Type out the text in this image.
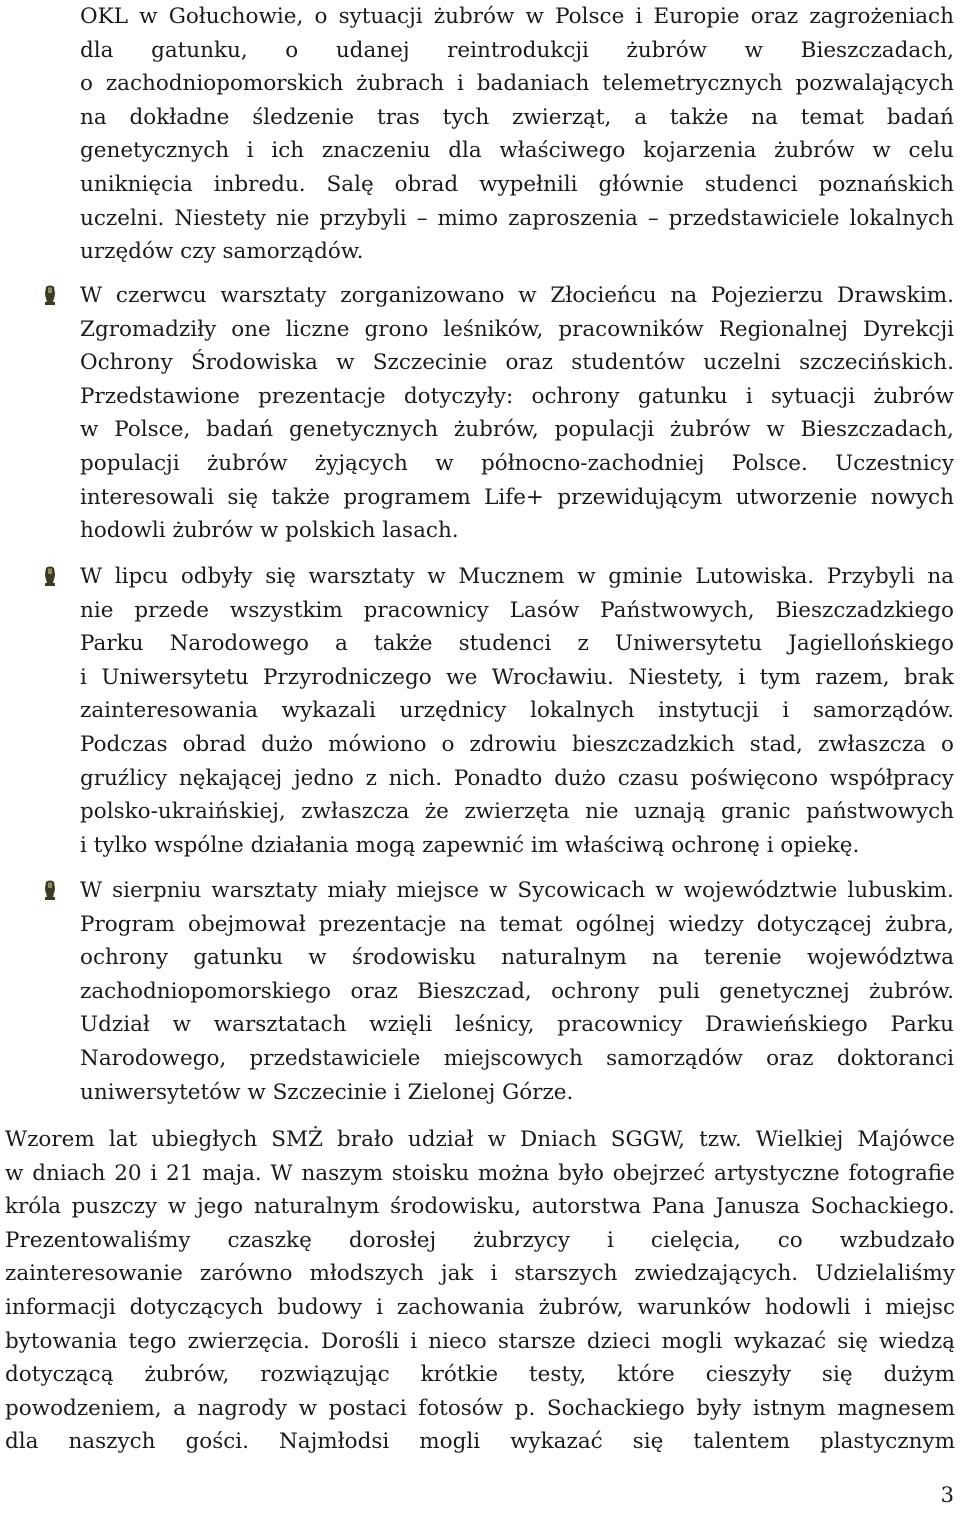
OKL w Gołuchowie, o sytuacji żubrów w Polsce i Europie oraz zagrożeniach
dla gatunku, o udanej reintrodukcji żubrów w Bieszczadach,
o zachodniopomorskich żubrach i badaniach telemetrycznych pozwalających
na dokładne śledzenie tras tych zwierząt, a także na temat badań
genetycznych i ich znaczeniu dla właściwego kojarzenia żubrów w celu
uniknięcia inbredu. Salę obrad wypełnili głównie studenci poznańskich
uczelni. Niestety nie przybyli – mimo zaproszenia – przedstawiciele lokalnych
urzędów czy samorządów.
W czerwcu warsztaty zorganizowano w Złocieńcu na Pojezierzu Drawskim.
Zgromadziły one liczne grono leśników, pracowników Regionalnej Dyrekcji
Ochrony Środowiska w Szczecinie oraz studentów uczelni szczecińskich.
Przedstawione prezentacje dotyczyły: ochrony gatunku i sytuacji żubrów
w Polsce, badań genetycznych żubrów, populacji żubrów w Bieszczadach,
populacji żubrów żyjących w północno-zachodniej Polsce. Uczestnicy
interesowali się także programem Life+ przewidującym utworzenie nowych
hodowli żubrów w polskich lasach.
W lipcu odbyły się warsztaty w Mucznem w gminie Lutowiska. Przybyli na
nie przede wszystkim pracownicy Lasów Państwowych, Bieszczadzkiego
Parku Narodowego a także studenci z Uniwersytetu Jagiellońskiego
i Uniwersytetu Przyrodniczego we Wrocławiu. Niestety, i tym razem, brak
zainteresowania wykazali urzędnicy lokalnych instytucji i samorządów.
Podczas obrad dużo mówiono o zdrowiu bieszczadzkich stad, zwłaszcza o
gruźlicy nękającej jedno z nich. Ponadto dużo czasu poświęcono współpracy
polsko-ukraińskiej, zwłaszcza że zwierzęta nie uznają granic państwowych
i tylko wspólne działania mogą zapewnić im właściwą ochronę i opiekę.
W sierpniu warsztaty miały miejsce w Sycowicach w województwie lubuskim.
Program obejmował prezentacje na temat ogólnej wiedzy dotyczącej żubra,
ochrony gatunku w środowisku naturalnym na terenie województwa
zachodniopomorskiego oraz Bieszczad, ochrony puli genetycznej żubrów.
Udział w warsztatach wzięli leśnicy, pracownicy Drawieńskiego Parku
Narodowego, przedstawiciele miejscowych samorządów oraz doktoranci
uniwersytetów w Szczecinie i Zielonej Górze.
Wzorem lat ubiegłych SMŻ brało udział w Dniach SGGW, tzw. Wielkiej Majówce
w dniach 20 i 21 maja. W naszym stoisku można było obejrzeć artystyczne fotografie
króla puszczy w jego naturalnym środowisku, autorstwa Pana Janusza Sochackiego.
Prezentowaliśmy czaszkę dorosłej żubrzycy i cielęcia, co wzbudzało
zainteresowanie zarówno młodszych jak i starszych zwiedzających. Udzielaliśmy
informacji dotyczących budowy i zachowania żubrów, warunków hodowli i miejsc
bytowania tego zwierzęcia. Dorośli i nieco starsze dzieci mogli wykazać się wiedzą
dotyczącą żubrów, rozwiązując krótkie testy, które cieszyły się dużym
powodzeniem, a nagrody w postaci fotosów p. Sochackiego były istnym magnesem
dla naszych gości. Najmłodsi mogli wykazać się talentem plastycznym
3
